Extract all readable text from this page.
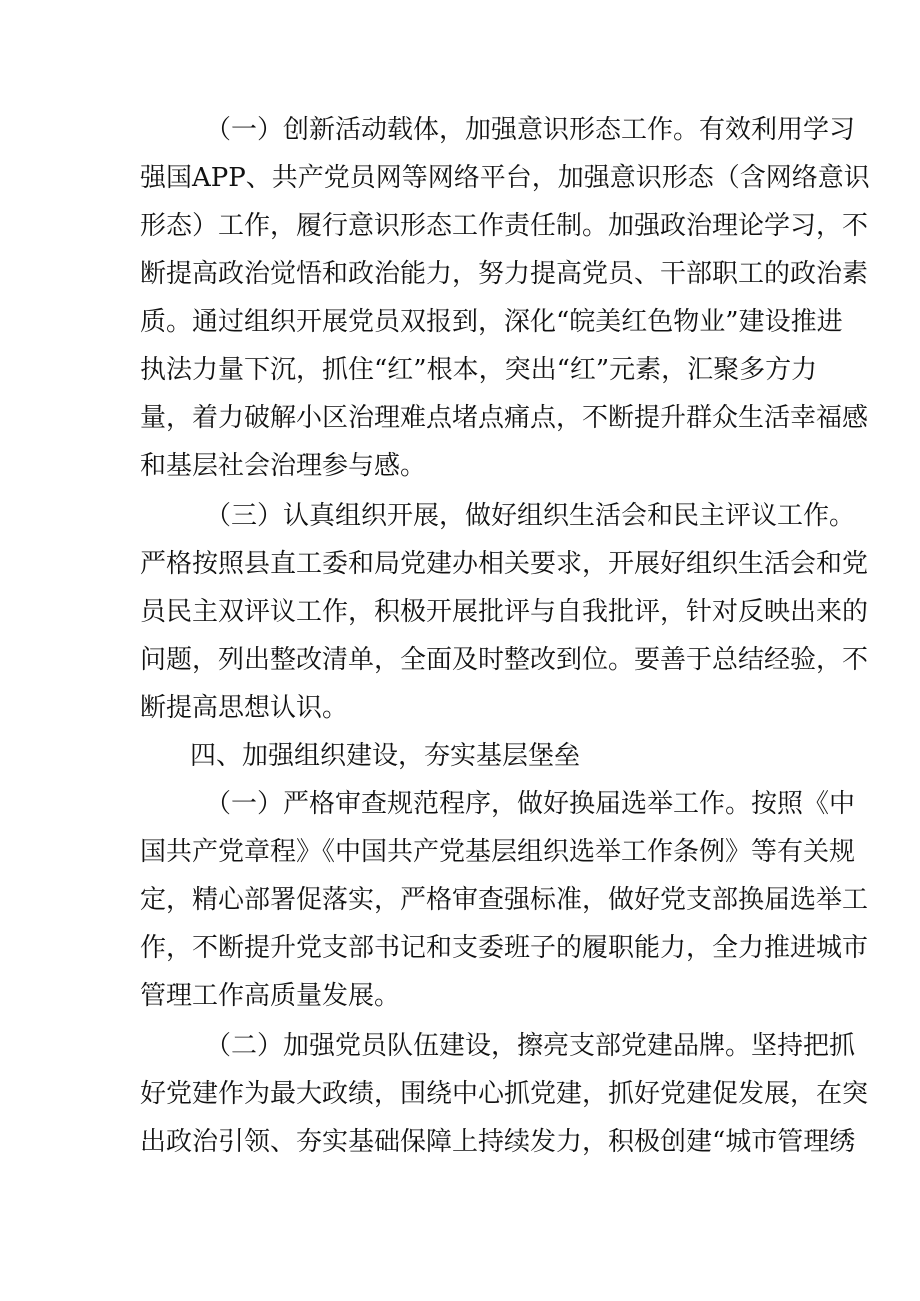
（一）创新活动载体，加强意识形态工作。有效利用学习
强国APP、共产党员网等网络平台，加强意识形态（含网络意识
形态）工作，履行意识形态工作责任制。加强政治理论学习，不
断提高政治觉悟和政治能力，努力提高党员、干部职工的政治素
质。通过组织开展党员双报到，深化“皖美红色物业”建设推进
执法力量下沉，抓住“红”根本，突出“红”元素，汇聚多方力
量，着力破解小区治理难点堵点痛点，不断提升群众生活幸福感
和基层社会治理参与感。
（三）认真组织开展，做好组织生活会和民主评议工作。
严格按照县直工委和局党建办相关要求，开展好组织生活会和党
员民主双评议工作，积极开展批评与自我批评，针对反映出来的
问题，列出整改清单，全面及时整改到位。要善于总结经验，不
断提高思想认识。
四、加强组织建设，夯实基层堡垒
（一）严格审查规范程序，做好换届选举工作。按照《中
国共产党章程》《中国共产党基层组织选举工作条例》等有关规
定，精心部署促落实，严格审查强标准，做好党支部换届选举工
作，不断提升党支部书记和支委班子的履职能力，全力推进城市
管理工作高质量发展。
（二）加强党员队伍建设，擦亮支部党建品牌。坚持把抓
好党建作为最大政绩，围绕中心抓党建，抓好党建促发展，在突
出政治引领、夯实基础保障上持续发力，积极创建“城市管理绣
